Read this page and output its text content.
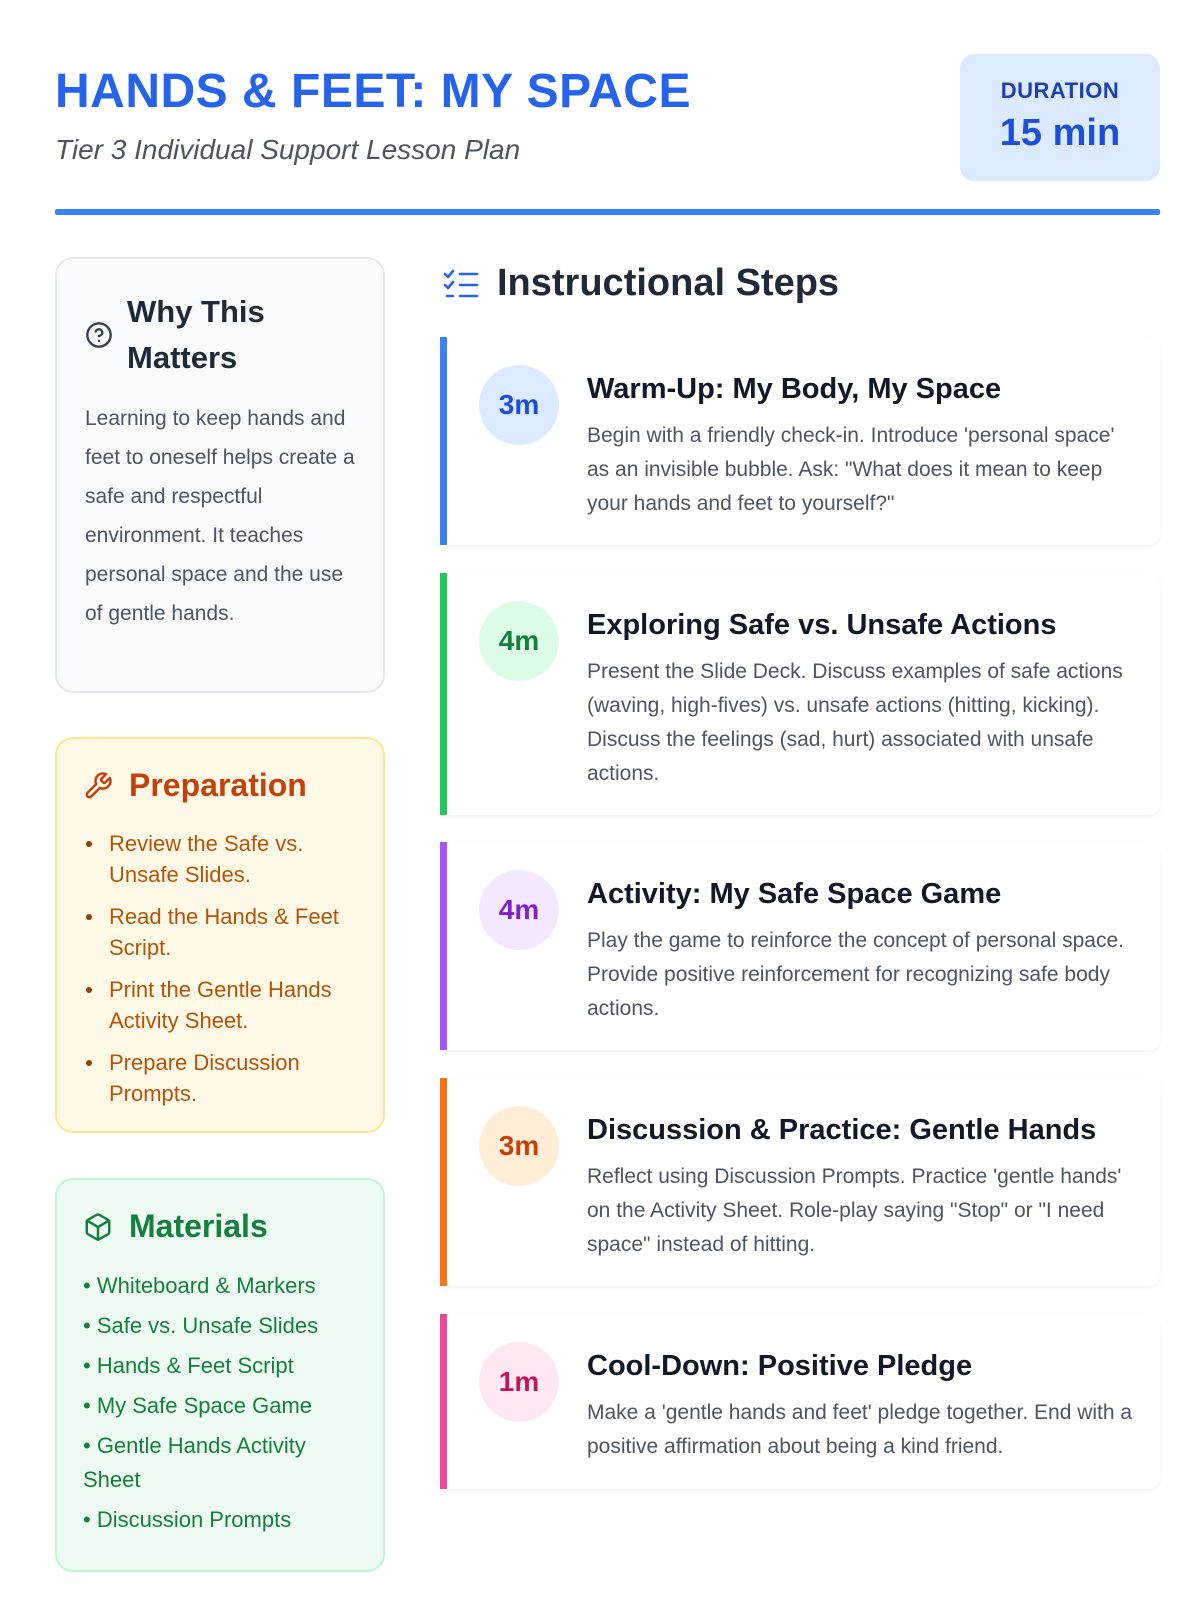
HANDS & FEET: MY SPACE
Tier 3 Individual Support Lesson Plan
DURATION
15 min
Why This Matters
Learning to keep hands and feet to oneself helps create a safe and respectful environment. It teaches personal space and the use of gentle hands.
Preparation
Review the Safe vs. Unsafe Slides.
Read the Hands & Feet Script.
Print the Gentle Hands Activity Sheet.
Prepare Discussion Prompts.
Materials
• Whiteboard & Markers
• Safe vs. Unsafe Slides
• Hands & Feet Script
• My Safe Space Game
• Gentle Hands Activity Sheet
• Discussion Prompts
Instructional Steps
3m	Warm-Up: My Body, My Space
Begin with a friendly check-in. Introduce 'personal space' as an invisible bubble. Ask: "What does it mean to keep your hands and feet to yourself?"
4m	Exploring Safe vs. Unsafe Actions
Present the Slide Deck. Discuss examples of safe actions (waving, high-fives) vs. unsafe actions (hitting, kicking). Discuss the feelings (sad, hurt) associated with unsafe actions.
4m	Activity: My Safe Space Game
Play the game to reinforce the concept of personal space. Provide positive reinforcement for recognizing safe body actions.
3m	Discussion & Practice: Gentle Hands
Reflect using Discussion Prompts. Practice 'gentle hands' on the Activity Sheet. Role-play saying "Stop" or "I need space" instead of hitting.
1m	Cool-Down: Positive Pledge
Make a 'gentle hands and feet' pledge together. End with a positive affirmation about being a kind friend.
